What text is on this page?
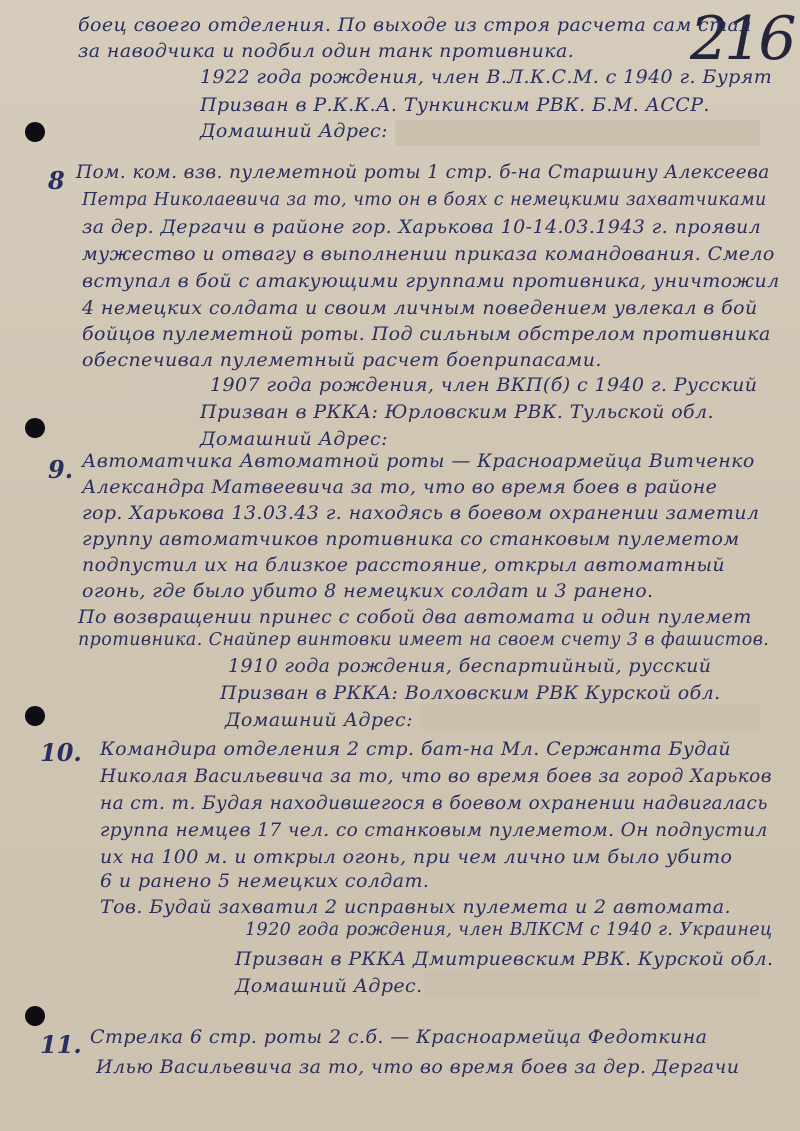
216
боец своего отделения. По выходе из строя расчета сам стал
за наводчика и подбил один танк противника.
1922 года рождения, член В.Л.К.С.М. с 1940 г. Бурят
Призван в Р.К.К.А. Тункинским РВК. Б.М. АССР.
Домашний Адрес:
8 Пом. ком. взв. пулеметной роты 1 стр. б-на Старшину Алексеева
Петра Николаевича за то, что он в боях с немецкими захватчиками
за дер. Дергачи в районе гор. Харькова 10-14.03.1943 г. проявил
мужество и отвагу в выполнении приказа командования. Смело
вступал в бой с атакующими группами противника, уничтожил
4 немецких солдата и своим личным поведением увлекал в бой
бойцов пулеметной роты. Под сильным обстрелом противника
обеспечивал пулеметный расчет боеприпасами.
1907 года рождения, член ВКП(б) с 1940 г. Русский
Призван в РККА: Юрловским РВК. Тульской обл.
Домашний Адрес:
9. Автоматчика Автоматной роты — Красноармейца Витченко
Александра Матвеевича за то, что во время боев в районе
гор. Харькова 13.03.43 г. находясь в боевом охранении заметил
группу автоматчиков противника со станковым пулеметом
подпустил их на близкое расстояние, открыл автоматный
огонь, где было убито 8 немецких солдат и 3 ранено.
По возвращении принес с собой два автомата и один пулемет
противника. Снайпер винтовки имеет на своем счету 3 в фашистов.
1910 года рождения, беспартийный, русский
Призван в РККА: Волховским РВК Курской обл.
Домашний Адрес:
10. Командира отделения 2 стр. бат-на Мл. Сержанта Будай
Николая Васильевича за то, что во время боев за город Харьков
на ст. т. Будая находившегося в боевом охранении надвигалась
группа немцев 17 чел. со станковым пулеметом. Он подпустил
их на 100 м. и открыл огонь, при чем лично им было убито
6 и ранено 5 немецких солдат.
Тов. Будай захватил 2 исправных пулемета и 2 автомата.
1920 года рождения, член ВЛКСМ с 1940 г. Украинец
Призван в РККА Дмитриевским РВК. Курской обл.
Домашний Адрес.
11. Стрелка 6 стр. роты 2 с.б. — Красноармейца Федоткина
Илью Васильевича за то, что во время боев за дер. Дергачи
